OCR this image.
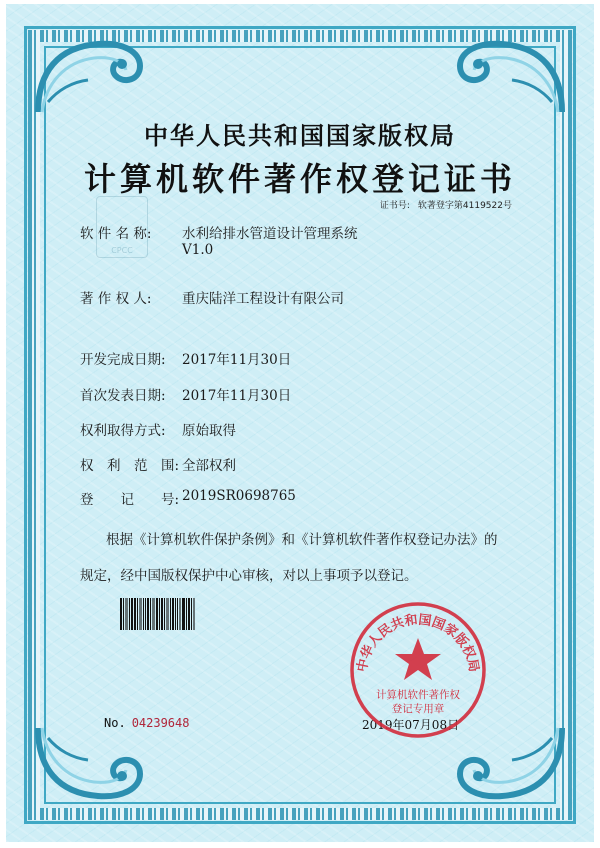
中华人民共和国国家版权局
计算机软件著作权登记证书
证书号: 软著登字第4119522号
CPCC
软 件 名 称: 水利给排水管道设计管理系统
V1.0
著 作 权 人: 重庆陆洋工程设计有限公司
开发完成日期: 2017年11月30日
首次发表日期: 2017年11月30日
权利取得方式: 原始取得
权　利　范　围: 全部权利
登　　记　　号: 2019SR0698765
根据《计算机软件保护条例》和《计算机软件著作权登记办法》的
规定，经中国版权保护中心审核，对以上事项予以登记。
No. 04239648	2019年07月08日
中华人民共和国国家版权局
计算机软件著作权
登记专用章
